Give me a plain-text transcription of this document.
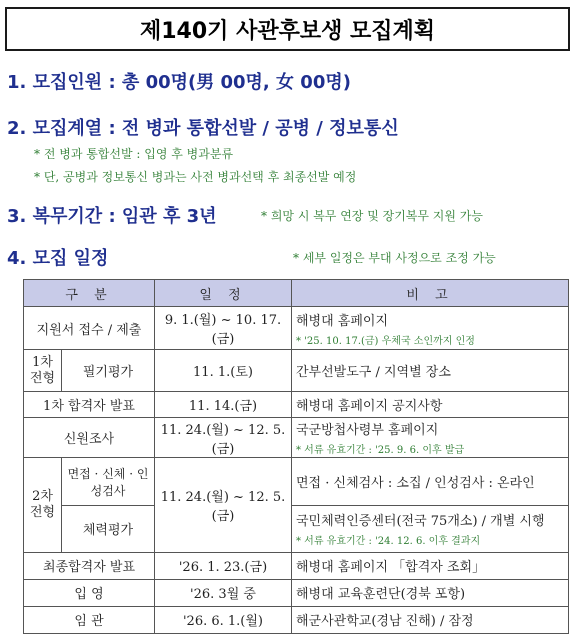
제140기 사관후보생 모집계획
1. 모집인원 : 총 00명(男 00명, 女 00명)
2. 모집계열 : 전 병과 통합선발 / 공병 / 정보통신
* 전 병과 통합선발 : 입영 후 병과분류
* 단, 공병과 정보통신 병과는 사전 병과선택 후 최종선발 예정
3. 복무기간 : 임관 후 3년	* 희망 시 복무 연장 및 장기복무 지원 가능
4. 모집 일정	* 세부 일정은 부대 사정으로 조정 가능
구 분		일 정	비 고
지원서 접수 / 제출		9. 1.(월) ~ 10. 17.(금)	해병대 홈페이지
* '25. 10. 17.(금) 우체국 소인까지 인정

1차 전형	필기평가	11. 1.(토)	간부선발도구 / 지역별 장소
1차 합격자 발표		11. 14.(금)	해병대 홈페이지 공지사항
신원조사		11. 24.(월) ~ 12. 5.(금)	국군방첩사령부 홈페이지
* 서류 유효기간 : '25. 9. 6. 이후 발급

2차 전형	면접 · 신체 · 인성검사	11. 24.(월) ~ 12. 5.(금)	면접 · 신체검사 : 소집 / 인성검사 : 온라인
	체력평가		국민체력인증센터(전국 75개소) / 개별 시행
* 서류 유효기간 : '24. 12. 6. 이후 결과지

최종합격자 발표		'26. 1. 23.(금)	해병대 홈페이지 「합격자 조회」
입 영		'26. 3월 중	해병대 교육훈련단(경북 포항)
임 관		'26. 6. 1.(월)	해군사관학교(경남 진해) / 잠정
